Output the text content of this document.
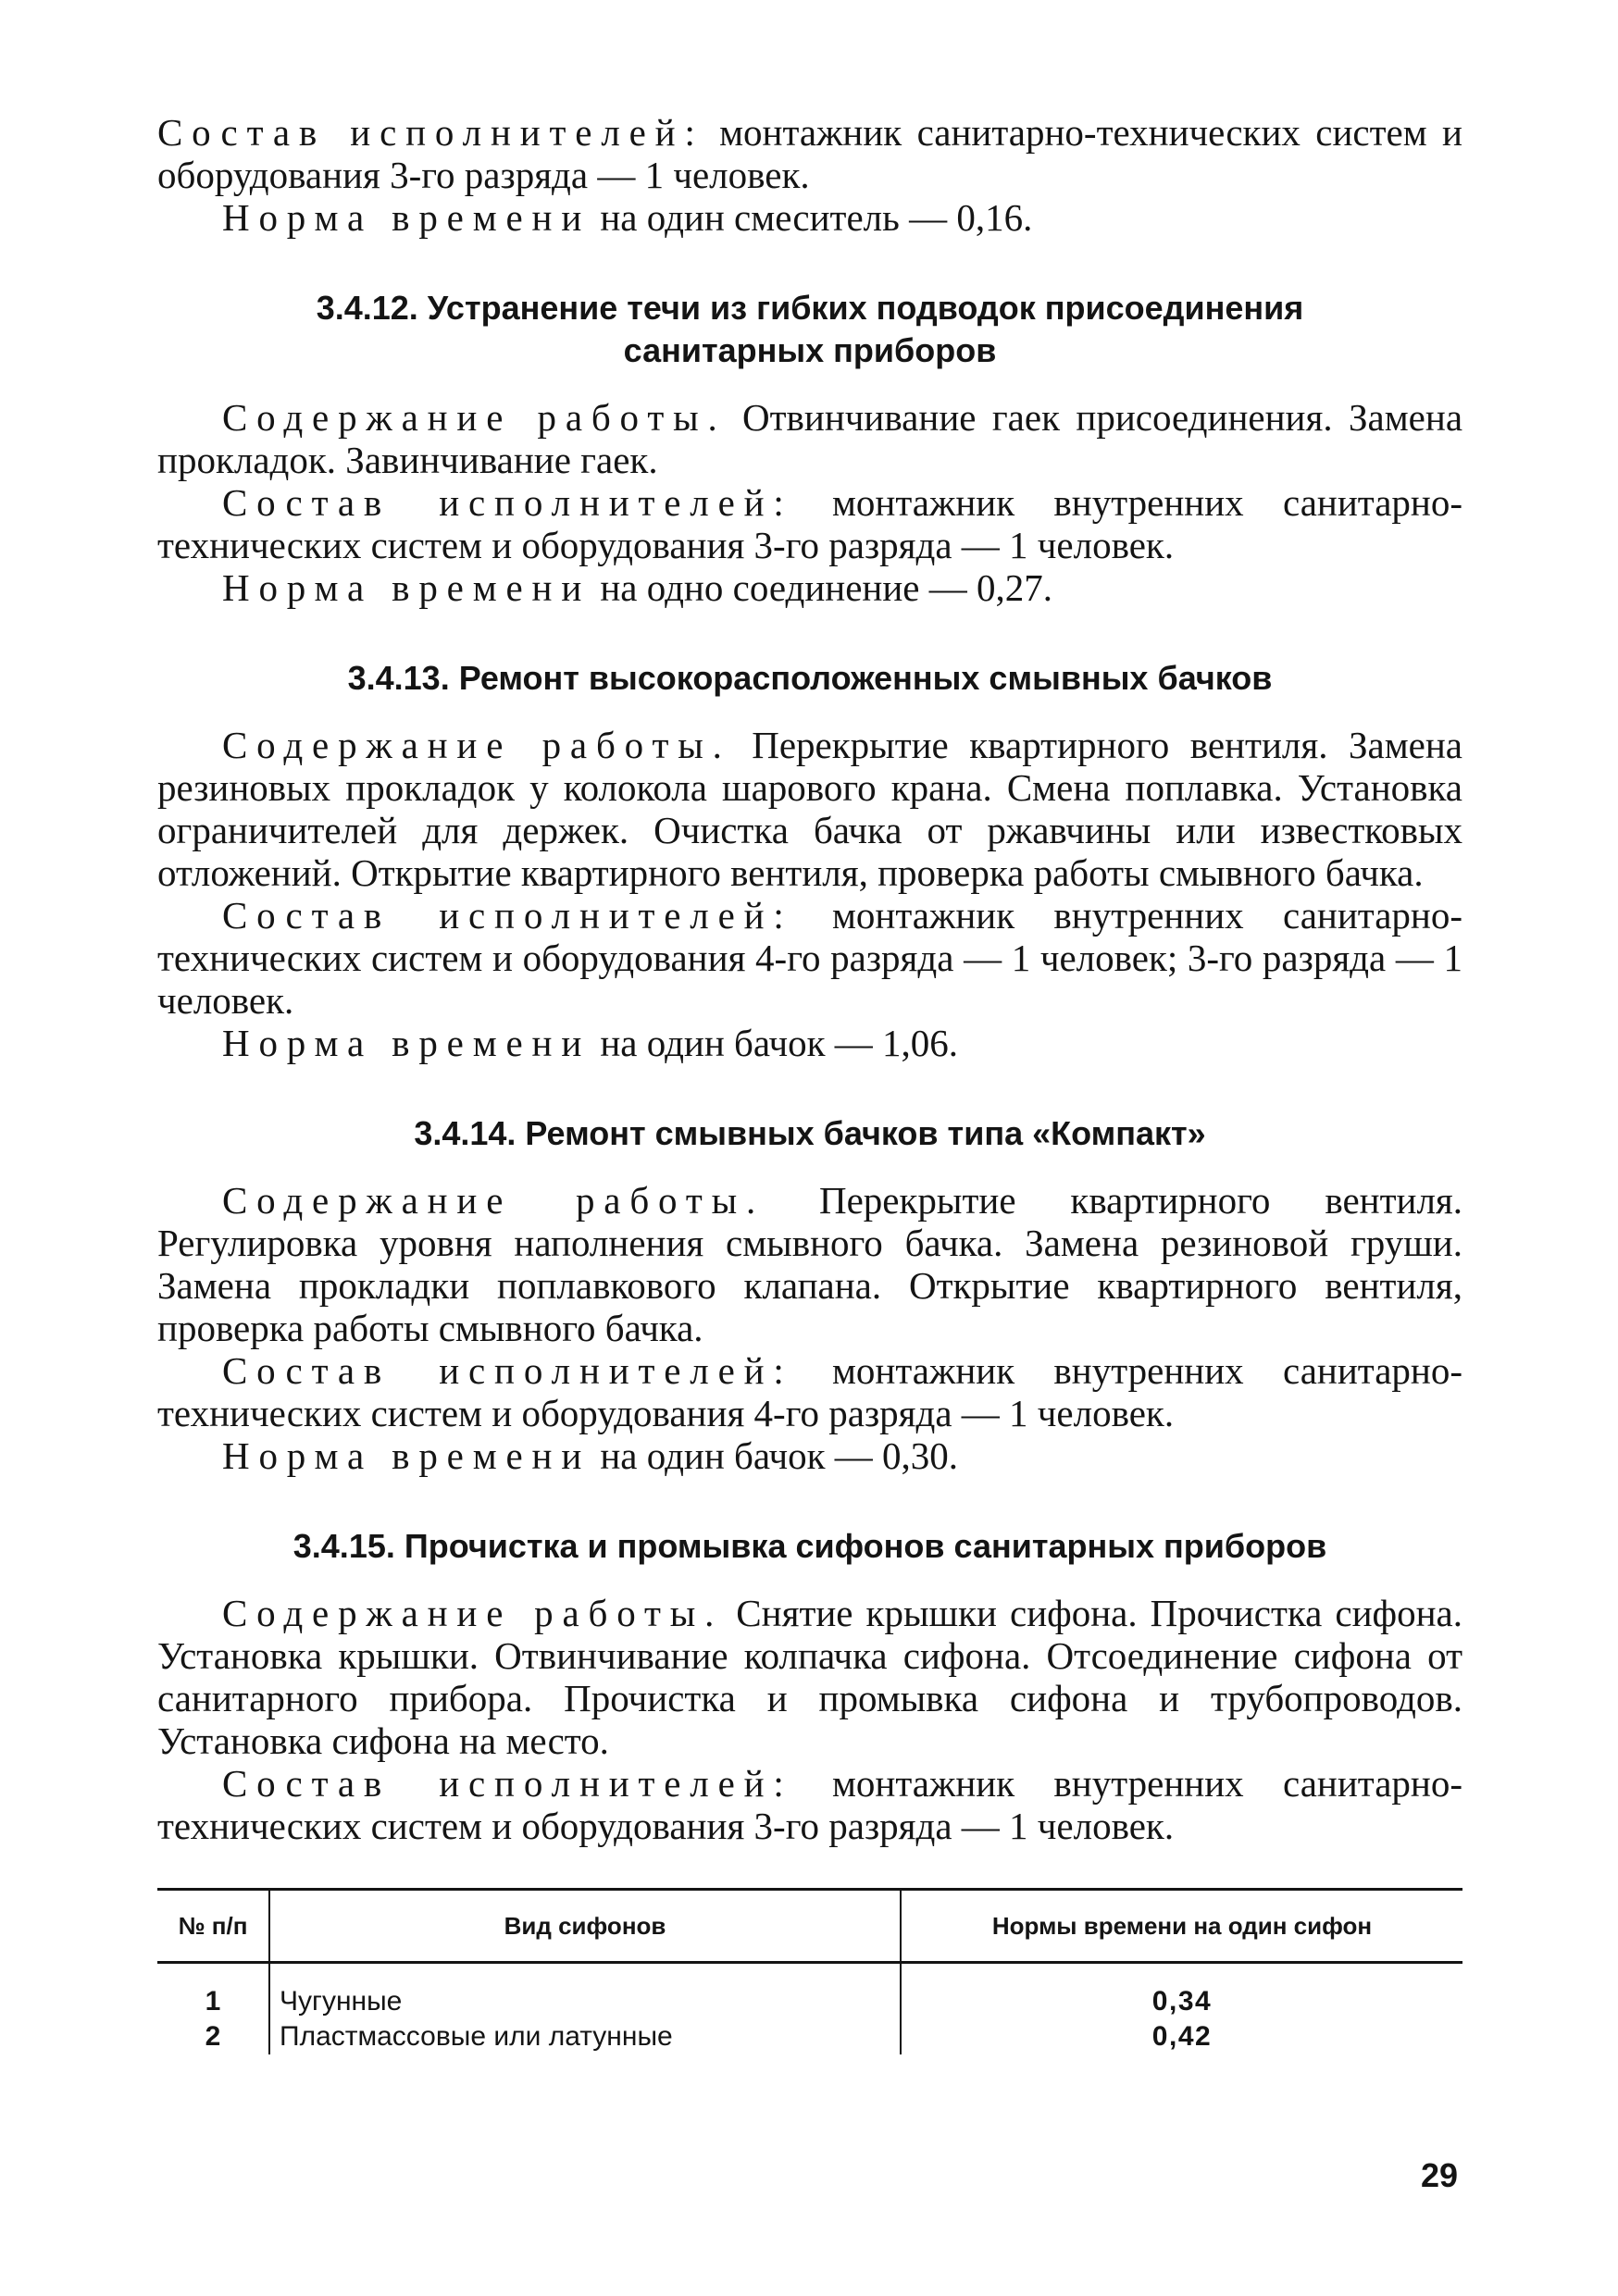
Состав исполнителей: монтажник санитарно-технических систем и оборудования 3-го разряда — 1 человек.

Норма времени на один смеситель — 0,16.

3.4.12. Устранение течи из гибких подводок присоединения санитарных приборов

Содержание работы. Отвинчивание гаек присоединения. Замена прокладок. Завинчивание гаек.

Состав исполнителей: монтажник внутренних санитарно-технических систем и оборудования 3-го разряда — 1 человек.

Норма времени на одно соединение — 0,27.

3.4.13. Ремонт высокорасположенных смывных бачков

Содержание работы. Перекрытие квартирного вентиля. Замена резиновых прокладок у колокола шарового крана. Смена поплавка. Установка ограничителей для держек. Очистка бачка от ржавчины или известковых отложений. Открытие квартирного вентиля, проверка работы смывного бачка.

Состав исполнителей: монтажник внутренних санитарно-технических систем и оборудования 4-го разряда — 1 человек; 3-го разряда — 1 человек.

Норма времени на один бачок — 1,06.

3.4.14. Ремонт смывных бачков типа «Компакт»

Содержание работы. Перекрытие квартирного вентиля. Регулировка уровня наполнения смывного бачка. Замена резиновой груши. Замена прокладки поплавкового клапана. Открытие квартирного вентиля, проверка работы смывного бачка.

Состав исполнителей: монтажник внутренних санитарно-технических систем и оборудования 4-го разряда — 1 человек.

Норма времени на один бачок — 0,30.

3.4.15. Прочистка и промывка сифонов санитарных приборов

Содержание работы. Снятие крышки сифона. Прочистка сифона. Установка крышки. Отвинчивание колпачка сифона. Отсоединение сифона от санитарного прибора. Прочистка и промывка сифона и трубопроводов. Установка сифона на место.

Состав исполнителей: монтажник внутренних санитарно-технических систем и оборудования 3-го разряда — 1 человек.

№ п/п	Вид сифонов	Нормы времени на один сифон
1	Чугунные	0,34
2	Пластмассовые или латунные	0,42
29
